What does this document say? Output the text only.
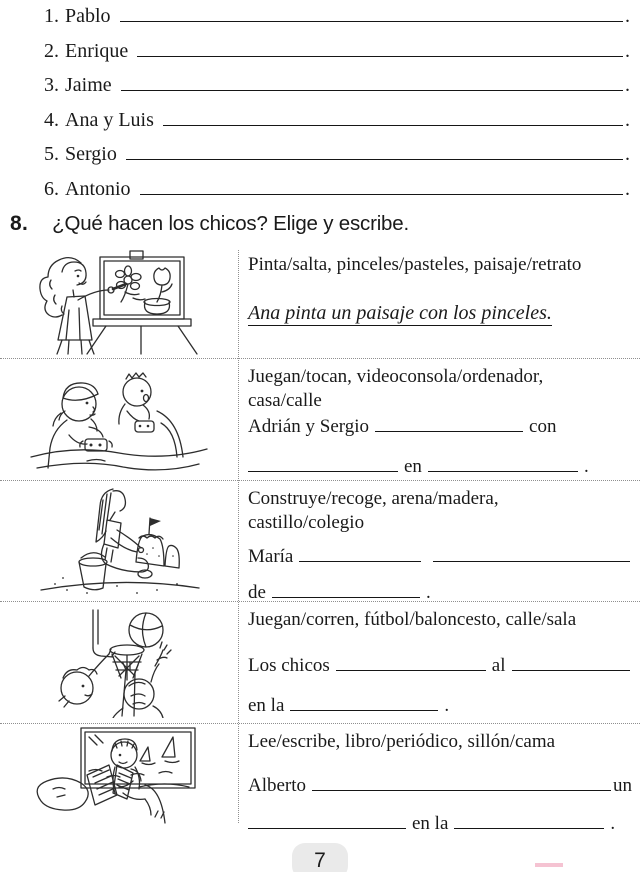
1. Pablo	.
2. Enrique	.
3. Jaime	.
4. Ana y Luis	.
5. Sergio	.
6. Antonio	.
8. ¿Qué hacen los chicos? Elige y escribe.
Pinta/salta, pinceles/pasteles, paisaje/retrato
Ana pinta un paisaje con los pinceles.
Juegan/tocan, videoconsola/ordenador,
casa/calle
Adrián y Sergio	con
en	.
Construye/recoge, arena/madera,
castillo/colegio
María
de	.
Juegan/corren, fútbol/baloncesto, calle/sala
Los chicos	al
en la	.
Lee/escribe, libro/periódico, sillón/cama
Alberto	un
en la	.
7
